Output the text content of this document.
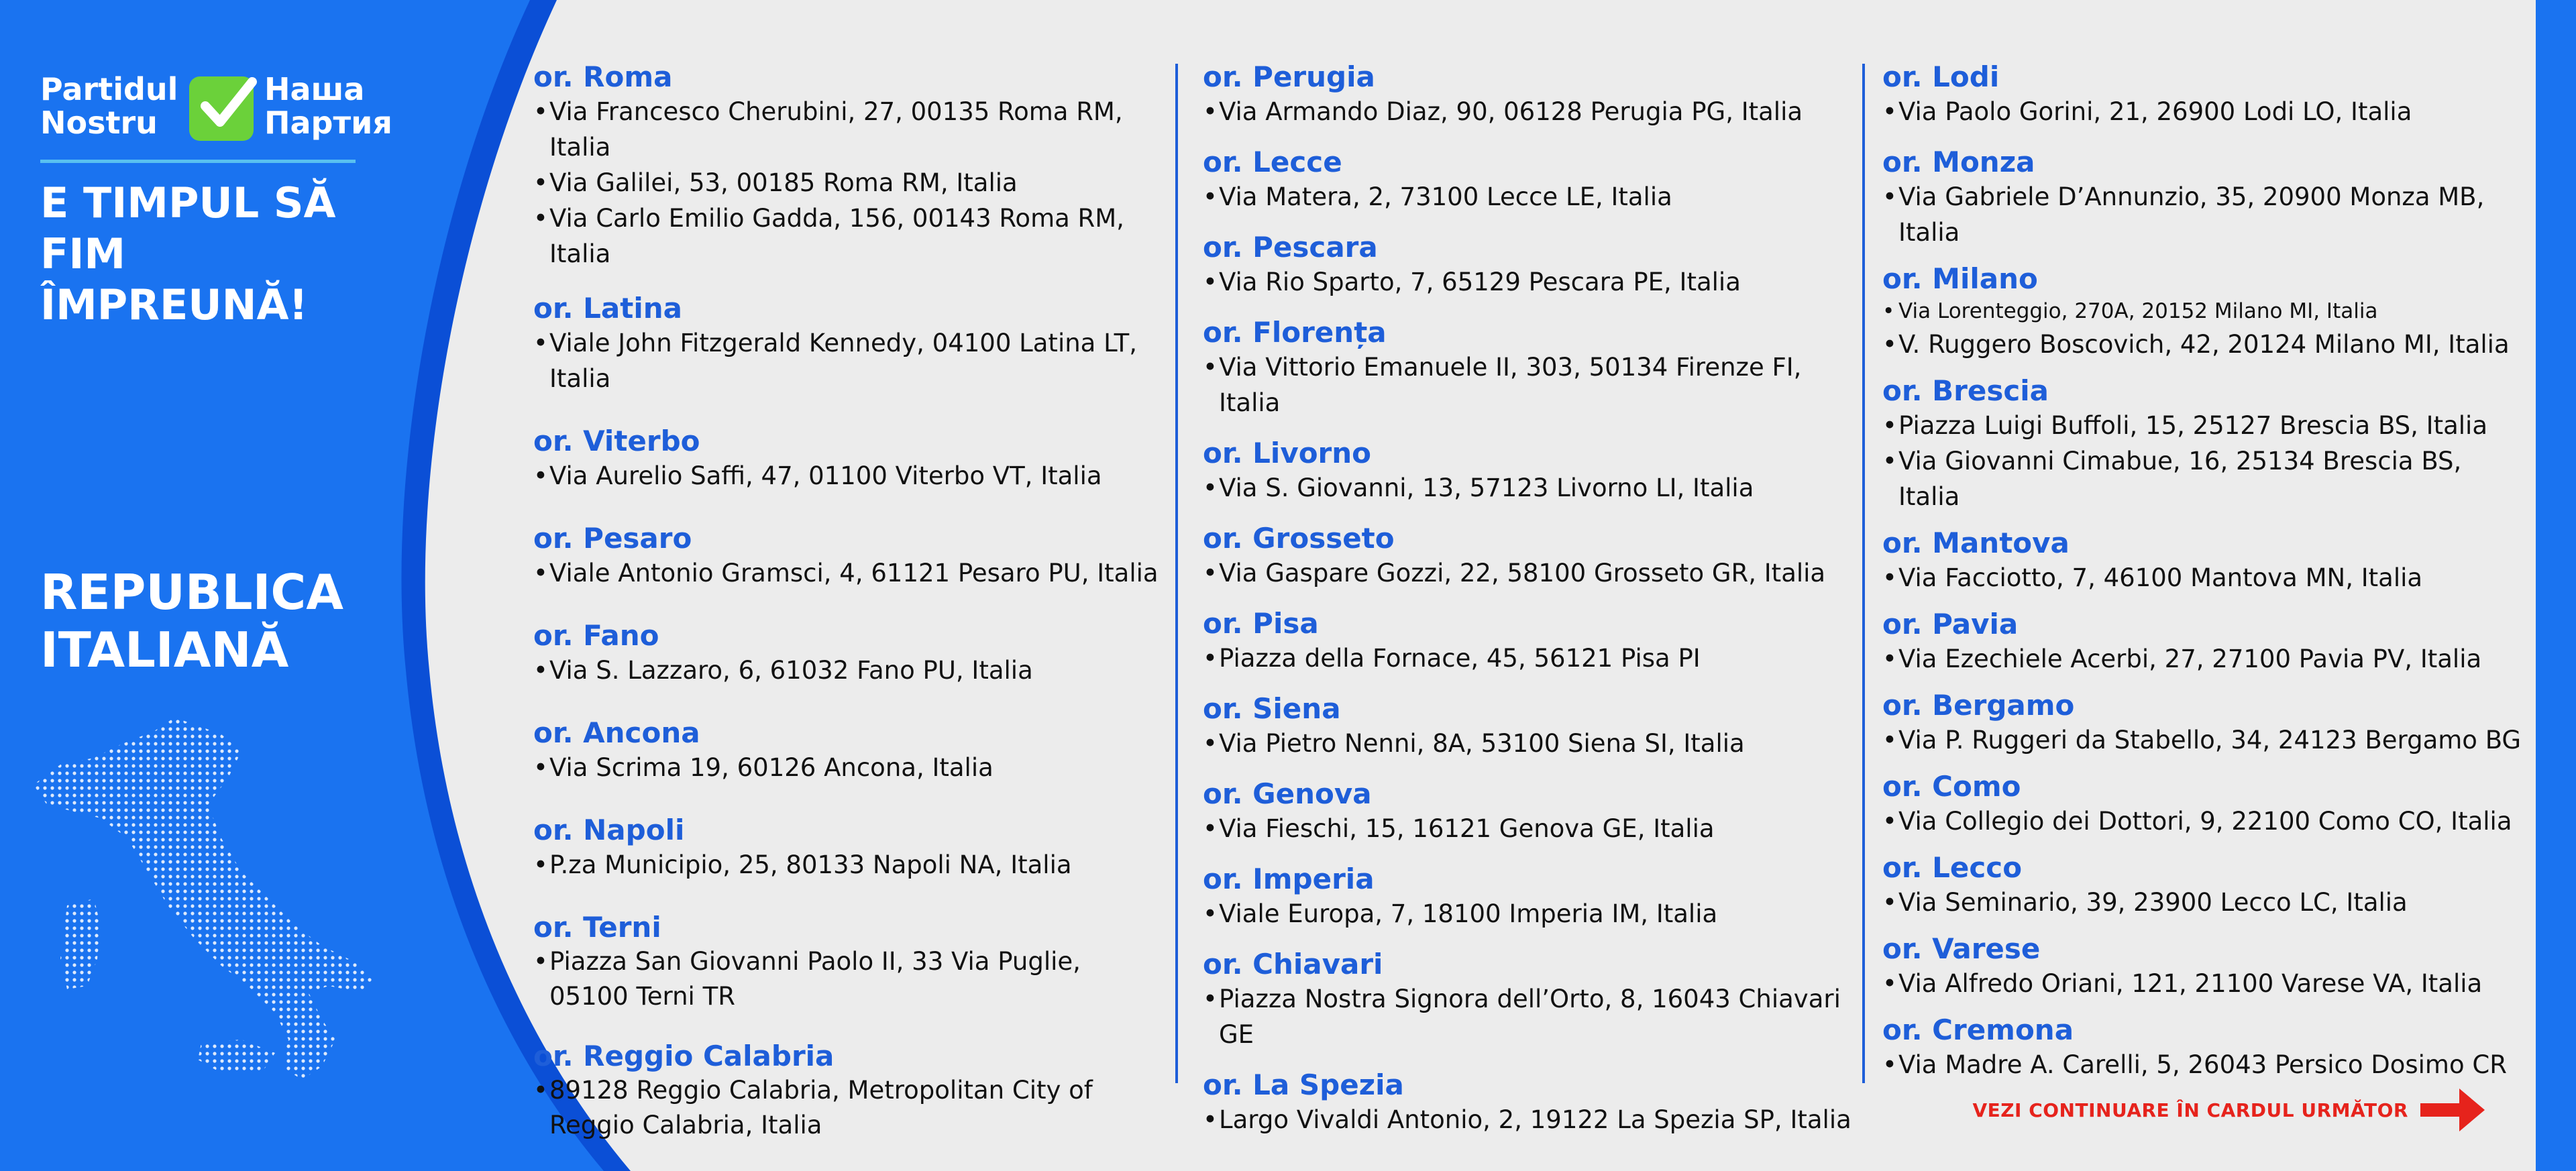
Partidul
Nostru
Наша
Партия
E TIMPUL SĂ FIM
ÎMPREUNĂ!
REPUBLICA
ITALIANĂ
or. Roma
• Via Francesco Cherubini, 27, 00135 Roma RM, Italia
• Via Galilei, 53, 00185 Roma RM, Italia
• Via Carlo Emilio Gadda, 156, 00143 Roma RM, Italia
or. Latina
• Viale John Fitzgerald Kennedy, 04100 Latina LT, Italia
or. Viterbo
• Via Aurelio Saffi, 47, 01100 Viterbo VT, Italia
or. Pesaro
• Viale Antonio Gramsci, 4, 61121 Pesaro PU, Italia
or. Fano
• Via S. Lazzaro, 6, 61032 Fano PU, Italia
or. Ancona
• Via Scrima 19, 60126 Ancona, Italia
or. Napoli
• P.za Municipio, 25, 80133 Napoli NA, Italia
or. Terni
• Piazza San Giovanni Paolo II, 33 Via Puglie, 05100 Terni TR
or. Reggio Calabria
• 89128 Reggio Calabria, Metropolitan City of Reggio Calabria, Italia
or. Perugia
• Via Armando Diaz, 90, 06128 Perugia PG, Italia
or. Lecce
• Via Matera, 2, 73100 Lecce LE, Italia
or. Pescara
• Via Rio Sparto, 7, 65129 Pescara PE, Italia
or. Florența
• Via Vittorio Emanuele II, 303, 50134 Firenze FI, Italia
or. Livorno
• Via S. Giovanni, 13, 57123 Livorno LI, Italia
or. Grosseto
• Via Gaspare Gozzi, 22, 58100 Grosseto GR, Italia
or. Pisa
• Piazza della Fornace, 45, 56121 Pisa PI
or. Siena
• Via Pietro Nenni, 8A, 53100 Siena SI, Italia
or. Genova
• Via Fieschi, 15, 16121 Genova GE, Italia
or. Imperia
• Viale Europa, 7, 18100 Imperia IM, Italia
or. Chiavari
• Piazza Nostra Signora dell’Orto, 8, 16043 Chiavari GE
or. La Spezia
• Largo Vivaldi Antonio, 2, 19122 La Spezia SP, Italia
or. Lodi
• Via Paolo Gorini, 21, 26900 Lodi LO, Italia
or. Monza
• Via Gabriele D’Annunzio, 35, 20900 Monza MB, Italia
or. Milano
• Via Lorenteggio, 270A, 20152 Milano MI, Italia
• V. Ruggero Boscovich, 42, 20124 Milano MI, Italia
or. Brescia
• Piazza Luigi Buffoli, 15, 25127 Brescia BS, Italia
• Via Giovanni Cimabue, 16, 25134 Brescia BS, Italia
or. Mantova
• Via Facciotto, 7, 46100 Mantova MN, Italia
or. Pavia
• Via Ezechiele Acerbi, 27, 27100 Pavia PV, Italia
or. Bergamo
• Via P. Ruggeri da Stabello, 34, 24123 Bergamo BG
or. Como
• Via Collegio dei Dottori, 9, 22100 Como CO, Italia
or. Lecco
• Via Seminario, 39, 23900 Lecco LC, Italia
or. Varese
• Via Alfredo Oriani, 121, 21100 Varese VA, Italia
or. Cremona
• Via Madre A. Carelli, 5, 26043 Persico Dosimo CR
VEZI CONTINUARE ÎN CARDUL URMĂTOR
